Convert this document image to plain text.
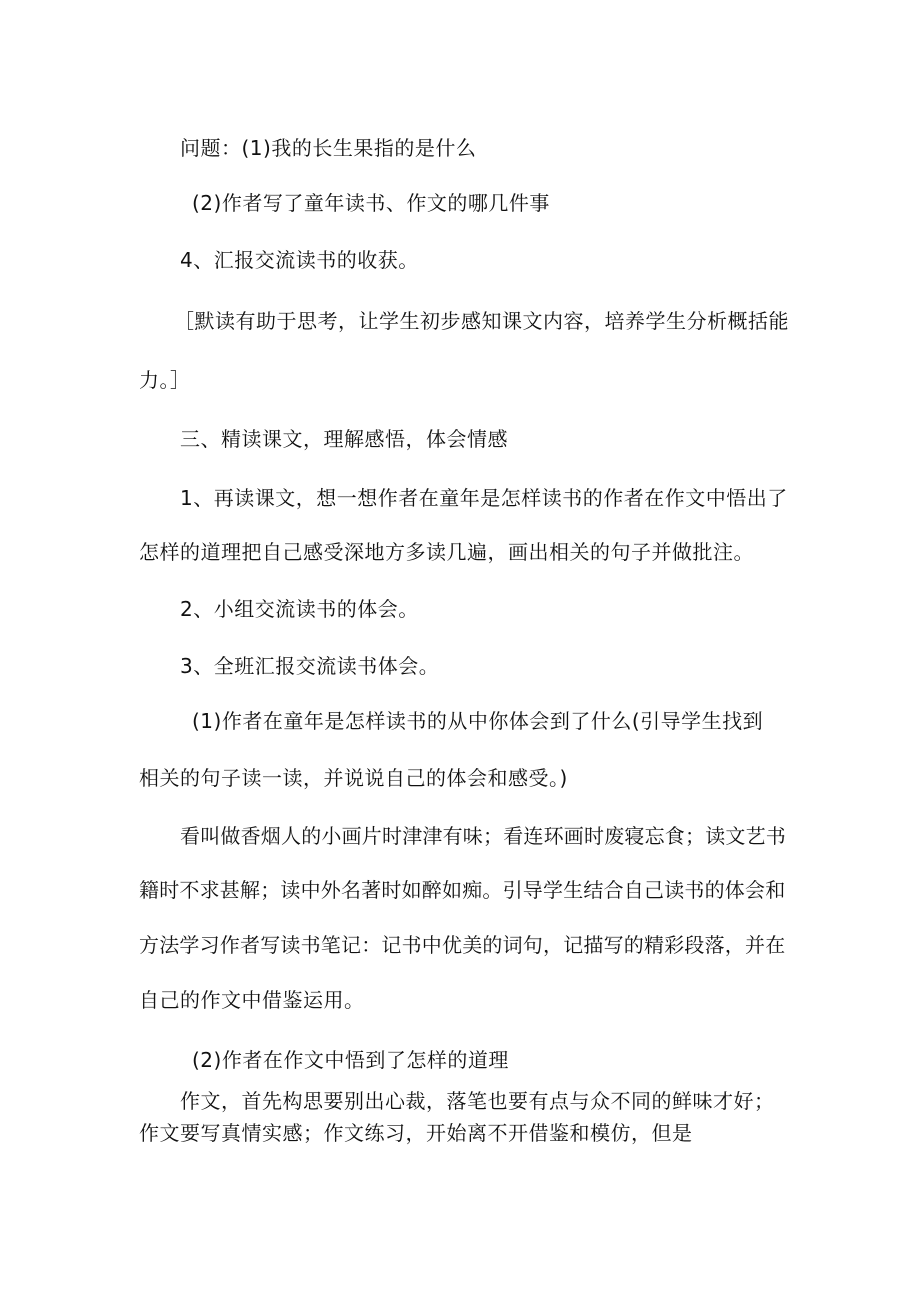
问题：(1)我的长生果指的是什么
(2)作者写了童年读书、作文的哪几件事
4、汇报交流读书的收获。
［默读有助于思考，让学生初步感知课文内容，培养学生分析概括能
力。］
三、精读课文，理解感悟，体会情感
1、再读课文，想一想作者在童年是怎样读书的作者在作文中悟出了
怎样的道理把自己感受深地方多读几遍，画出相关的句子并做批注。
2、小组交流读书的体会。
3、全班汇报交流读书体会。
(1)作者在童年是怎样读书的从中你体会到了什么(引导学生找到
相关的句子读一读，并说说自己的体会和感受。)
看叫做香烟人的小画片时津津有味；看连环画时废寝忘食；读文艺书
籍时不求甚解；读中外名著时如醉如痴。引导学生结合自己读书的体会和
方法学习作者写读书笔记：记书中优美的词句，记描写的精彩段落，并在
自己的作文中借鉴运用。
(2)作者在作文中悟到了怎样的道理
作文，首先构思要别出心裁，落笔也要有点与众不同的鲜味才好；
作文要写真情实感；作文练习，开始离不开借鉴和模仿，但是
